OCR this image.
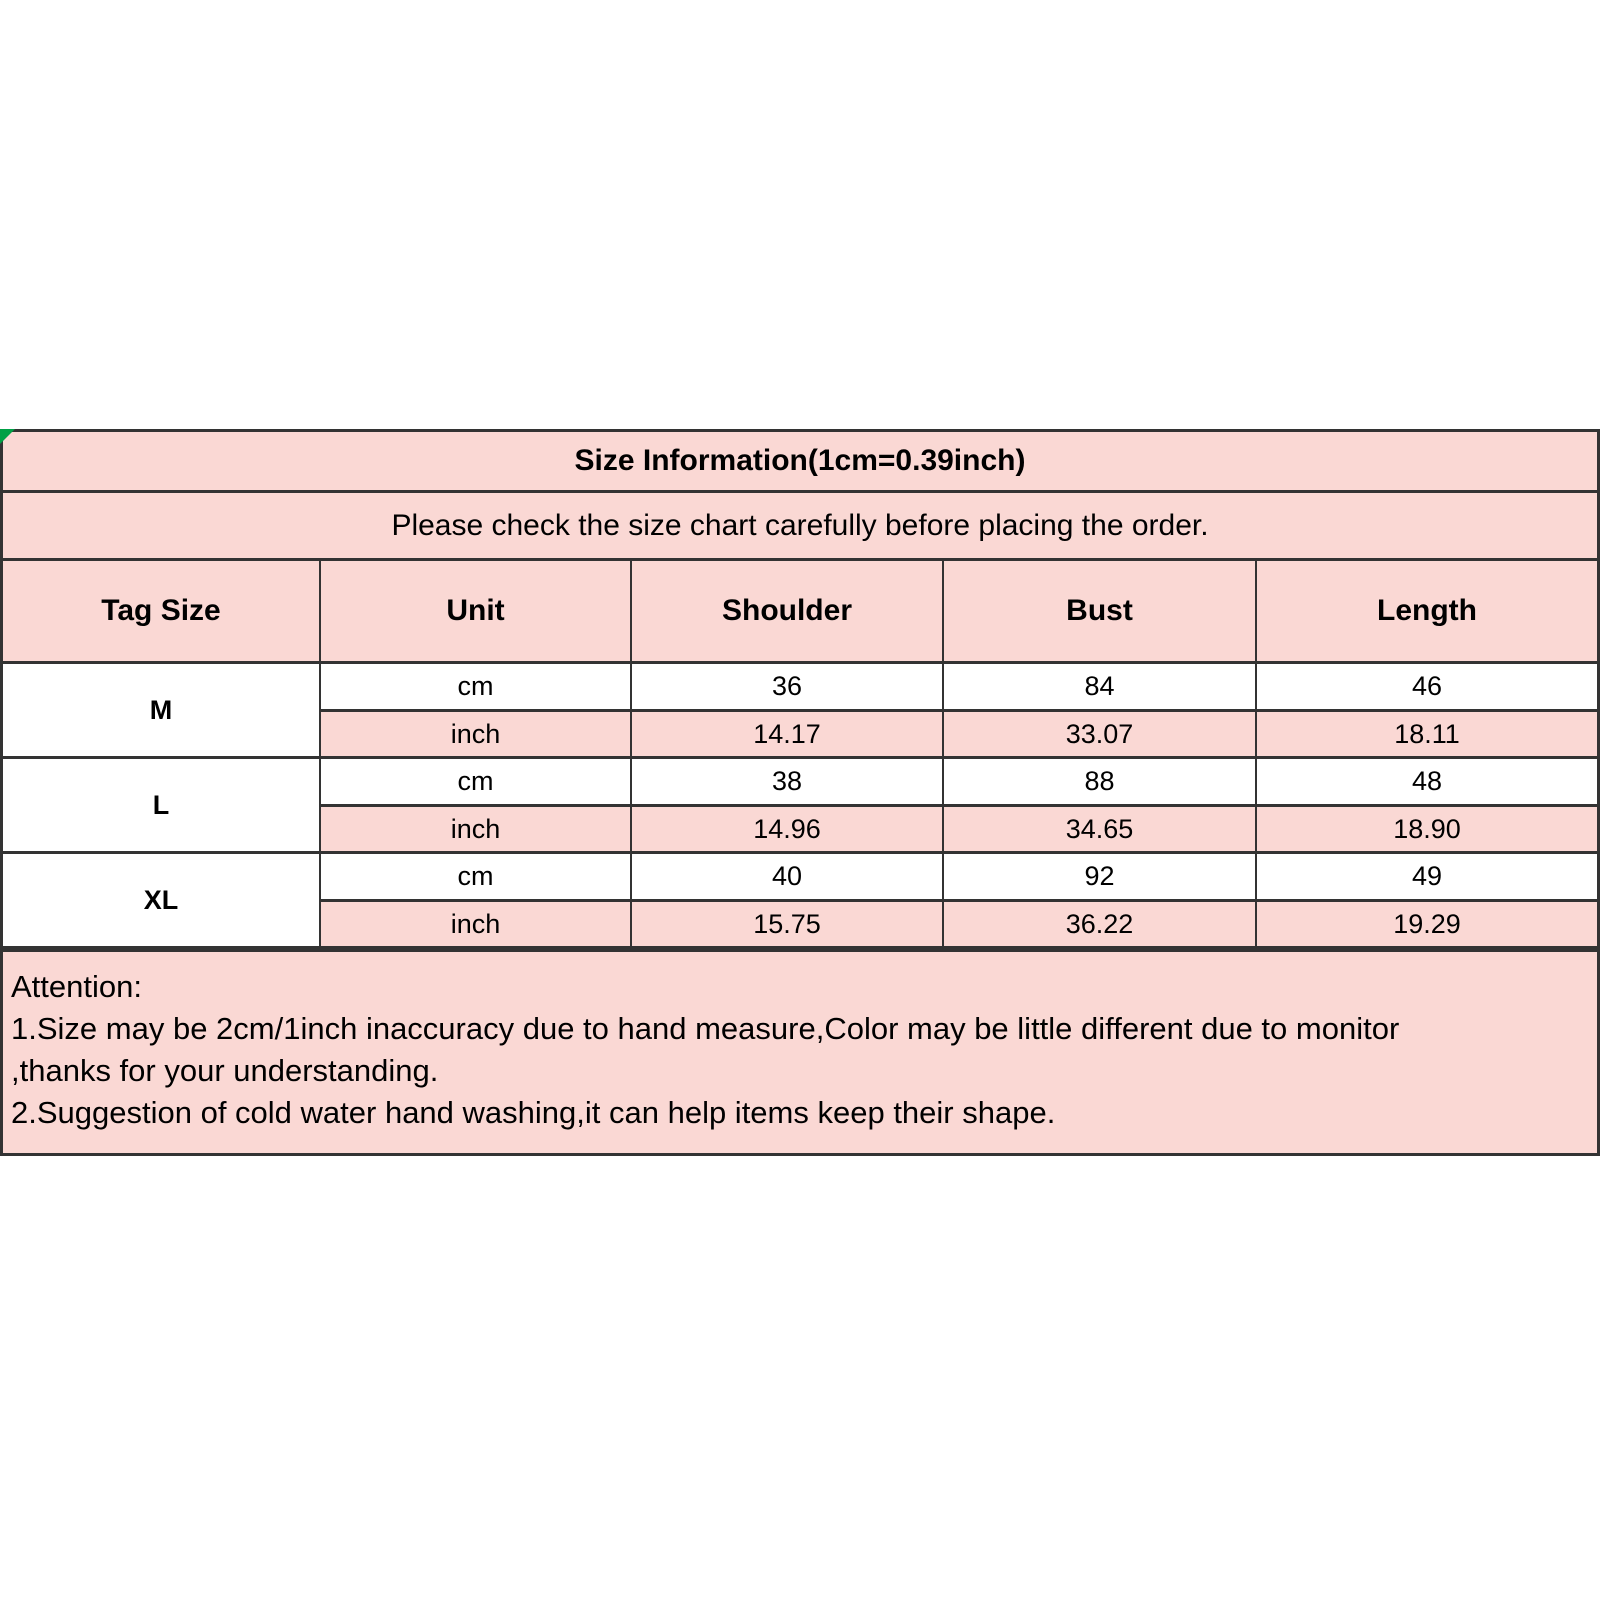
Size Information(1cm=0.39inch)				
Please check the size chart carefully before placing the order.				
Tag Size	Unit	Shoulder	Bust	Length
M	cm	36	84	46
	inch	14.17	33.07	18.11
L	cm	38	88	48
	inch	14.96	34.65	18.90
XL	cm	40	92	49
	inch	15.75	36.22	19.29
Attention:
1.Size may be 2cm/1inch inaccuracy due to hand measure,Color may be little different due to monitor
,thanks for your understanding.
2.Suggestion of cold water hand washing,it can help items keep their shape.
